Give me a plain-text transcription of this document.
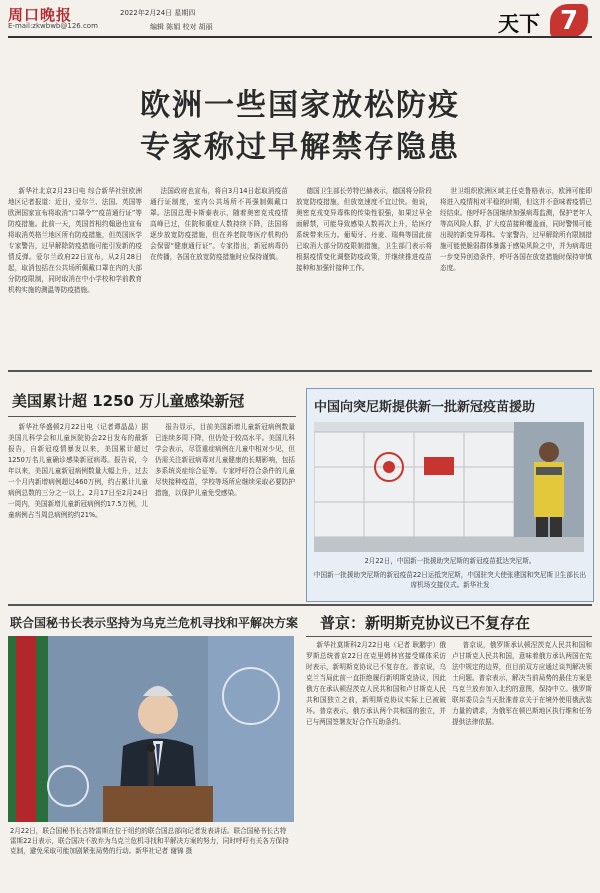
周口晚报
E-mail:zkwbwb@126.com
2022年2月24日 星期四
编辑 陈娟 校对 胡丽	天下 7
欧洲一些国家放松防疫
专家称过早解禁存隐患

新华社北京2月23日电 综合新华社驻欧洲地区记者报道：近日，爱尔兰、法国、英国等欧洲国家宣布将取消“口罩令”“疫苗通行证”等防疫措施。此前一天，英国首相约翰逊也宣布将取消英格兰地区所有防疫措施，但英国医学专家警告，过早解除防疫措施可能引发新的疫情反弹。爱尔兰政府22日宣布，从2月28日起，取消包括在公共场所佩戴口罩在内的大部分防疫限制，同时取消在中小学校和学前教育机构实施的测温等防疫措施。

法国政府也宣布，将自3月14日起取消疫苗通行证制度，室内公共场所不再强制佩戴口罩。法国总理卡斯泰表示，随着奥密克戎疫情高峰已过，住院和重症人数持续下降，法国将逐步放宽防疫措施，但在养老院等医疗机构仍会保留“健康通行证”。专家指出，新冠病毒仍在传播，各国在放宽防疫措施时应保持谨慎。

德国卫生部长劳特巴赫表示，德国将分阶段放宽防疫措施，但放宽速度不宜过快。他说，奥密克戎变异毒株的传染性很强，如果过早全面解禁，可能导致感染人数再次上升，给医疗系统带来压力。葡萄牙、丹麦、瑞典等国此前已取消大部分防疫限制措施，卫生部门表示将根据疫情变化调整防疫政策，并继续推进疫苗接种和加强针接种工作。

世卫组织欧洲区域主任克鲁格表示，欧洲可能即将进入疫情相对平稳的时期，但这并不意味着疫情已经结束。他呼吁各国继续加强病毒监测，保护老年人等高风险人群，扩大疫苗接种覆盖面，同时警惕可能出现的新变异毒株。专家警告，过早解除所有限制措施可能使脆弱群体暴露于感染风险之中，并为病毒进一步变异创造条件，呼吁各国在放宽措施时保持审慎态度。

美国累计超 1250 万儿童感染新冠

新华社华盛顿2月22日电（记者谭晶晶）据美国儿科学会和儿童医院协会22日发布的最新报告，自新冠疫情暴发以来，美国累计超过1250万名儿童确诊感染新冠病毒。报告说，今年以来，美国儿童新冠病例数量大幅上升，过去一个月内新增病例超过460万例，约占累计儿童病例总数的三分之一以上。2月17日至2月24日一周内，美国新增儿童新冠病例约17.5万例，儿童病例占当周总病例的约21%。

报告显示，目前美国新增儿童新冠病例数量已连续多周下降，但仍处于较高水平。美国儿科学会表示，尽管重症病例在儿童中相对少见，但仍需关注新冠病毒对儿童健康的长期影响，包括多系统炎症综合征等。专家呼吁符合条件的儿童尽快接种疫苗，学校等场所应继续采取必要防护措施，以保护儿童免受感染。

中国向突尼斯提供新一批新冠疫苗援助
2月22日，中国新一批援助突尼斯的新冠疫苗抵达突尼斯。
中国新一批援助突尼斯的新冠疫苗22日运抵突尼斯，中国驻突大使张建国和突尼斯卫生部长出席机场交接仪式。新华社发
联合国秘书长表示坚持为乌克兰危机寻找和平解决方案
2月22日，联合国秘书长古特雷斯在位于纽约的联合国总部向记者发表讲话。联合国秘书长古特雷斯22日表示，联合国决不放弃为乌克兰危机寻找和平解决方案的努力，同时呼吁有关各方保持克制，避免采取可能加剧紧张局势的行动。新华社记者 谢锦 摄
普京：新明斯克协议已不复存在

新华社莫斯科2月22日电（记者 耿鹏宇）俄罗斯总统普京22日在克里姆林宫接受媒体采访时表示，新明斯克协议已不复存在。普京说，乌克兰当局此前一直拒绝履行新明斯克协议，因此俄方在承认顿涅茨克人民共和国和卢甘斯克人民共和国独立之前，新明斯克协议实际上已被破坏。普京表示，俄方承认两个共和国的独立，并已与两国签署友好合作互助条约。

普京说，俄罗斯承认顿涅茨克人民共和国和卢甘斯克人民共和国，意味着俄方承认两国在宪法中规定的边界，但目前双方应通过谈判解决领土问题。普京表示，解决当前局势的最佳方案是乌克兰放弃加入北约的意图，保持中立。俄罗斯联邦委员会当天批准普京关于在境外使用俄武装力量的请求，为俄军在顿巴斯地区执行维和任务提供法律依据。
